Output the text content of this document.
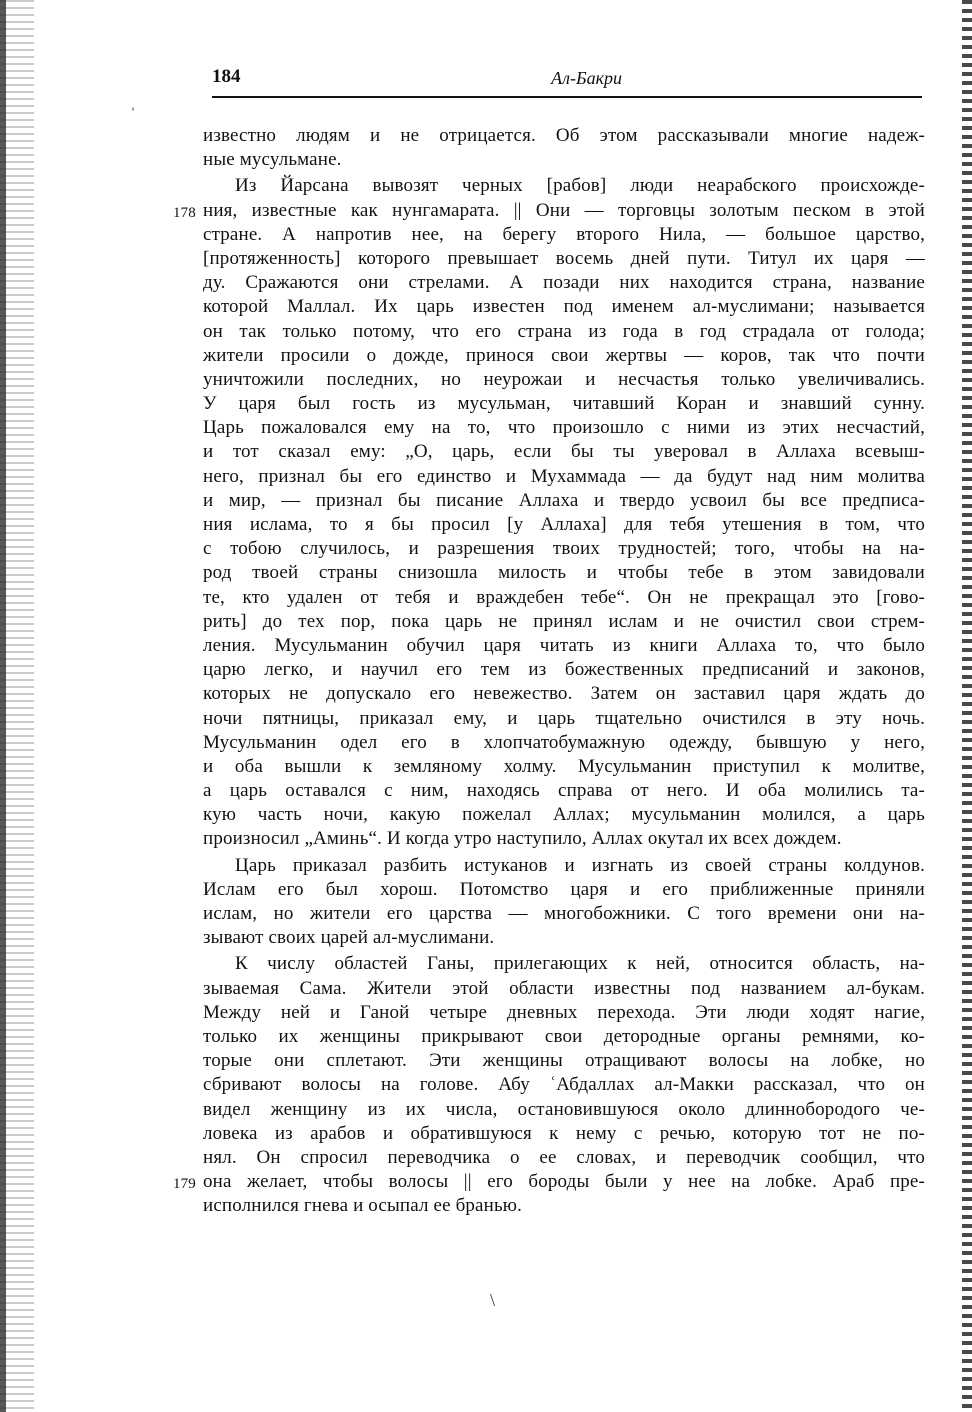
184	Ал-Бакри
ˈ
\
известно людям и не отрицается. Об этом рассказывали многие надеж-
ные мусульмане.
Из Йарсана вывозят черных [рабов] люди неарабского происхожде-
ния, известные как нунгамарата. || Они — торговцы золотым песком в этой
178
стране. А напротив нее, на берегу второго Нила, — большое царство,
[протяженность] которого превышает восемь дней пути. Титул их царя —
ду. Сражаются они стрелами. А позади них находится страна, название
которой Маллал. Их царь известен под именем ал-муслимани; называется
он так только потому, что его страна из года в год страдала от голода;
жители просили о дожде, принося свои жертвы — коров, так что почти
уничтожили последних, но неурожаи и несчастья только увеличивались.
У царя был гость из мусульман, читавший Коран и знавший сунну.
Царь пожаловался ему на то, что произошло с ними из этих несчастий,
и тот сказал ему: „О, царь, если бы ты уверовал в Аллаха всевыш-
него, признал бы его единство и Мухаммада — да будут над ним молитва
и мир, — признал бы писание Аллаха и твердо усвоил бы все предписа-
ния ислама, то я бы просил [у Аллаха] для тебя утешения в том, что
с тобою случилось, и разрешения твоих трудностей; того, чтобы на на-
род твоей страны снизошла милость и чтобы тебе в этом завидовали
те, кто удален от тебя и враждебен тебе“. Он не прекращал это [гово-
рить] до тех пор, пока царь не принял ислам и не очистил свои стрем-
ления. Мусульманин обучил царя читать из книги Аллаха то, что было
царю легко, и научил его тем из божественных предписаний и законов,
которых не допускало его невежество. Затем он заставил царя ждать до
ночи пятницы, приказал ему, и царь тщательно очистился в эту ночь.
Мусульманин одел его в хлопчатобумажную одежду, бывшую у него,
и оба вышли к земляному холму. Мусульманин приступил к молитве,
а царь оставался с ним, находясь справа от него. И оба молились та-
кую часть ночи, какую пожелал Аллах; мусульманин молился, а царь
произносил „Аминь“. И когда утро наступило, Аллах окутал их всех дождем.
Царь приказал разбить истуканов и изгнать из своей страны колдунов.
Ислам его был хорош. Потомство царя и его приближенные приняли
ислам, но жители его царства — многобожники. С того времени они на-
зывают своих царей ал-муслимани.
К числу областей Ганы, прилегающих к ней, относится область, на-
зываемая Сама. Жители этой области известны под названием ал-букам.
Между ней и Ганой четыре дневных перехода. Эти люди ходят нагие,
только их женщины прикрывают свои детородные органы ремнями, ко-
торые они сплетают. Эти женщины отращивают волосы на лобке, но
сбривают волосы на голове. Абу ʿАбдаллах ал-Макки рассказал, что он
видел женщину из их числа, остановившуюся около длиннобородого че-
ловека из арабов и обратившуюся к нему с речью, которую тот не по-
нял. Он спросил переводчика о ее словах, и переводчик сообщил, что
она желает, чтобы волосы || его бороды были у нее на лобке. Араб пре-
179
исполнился гнева и осыпал ее бранью.
